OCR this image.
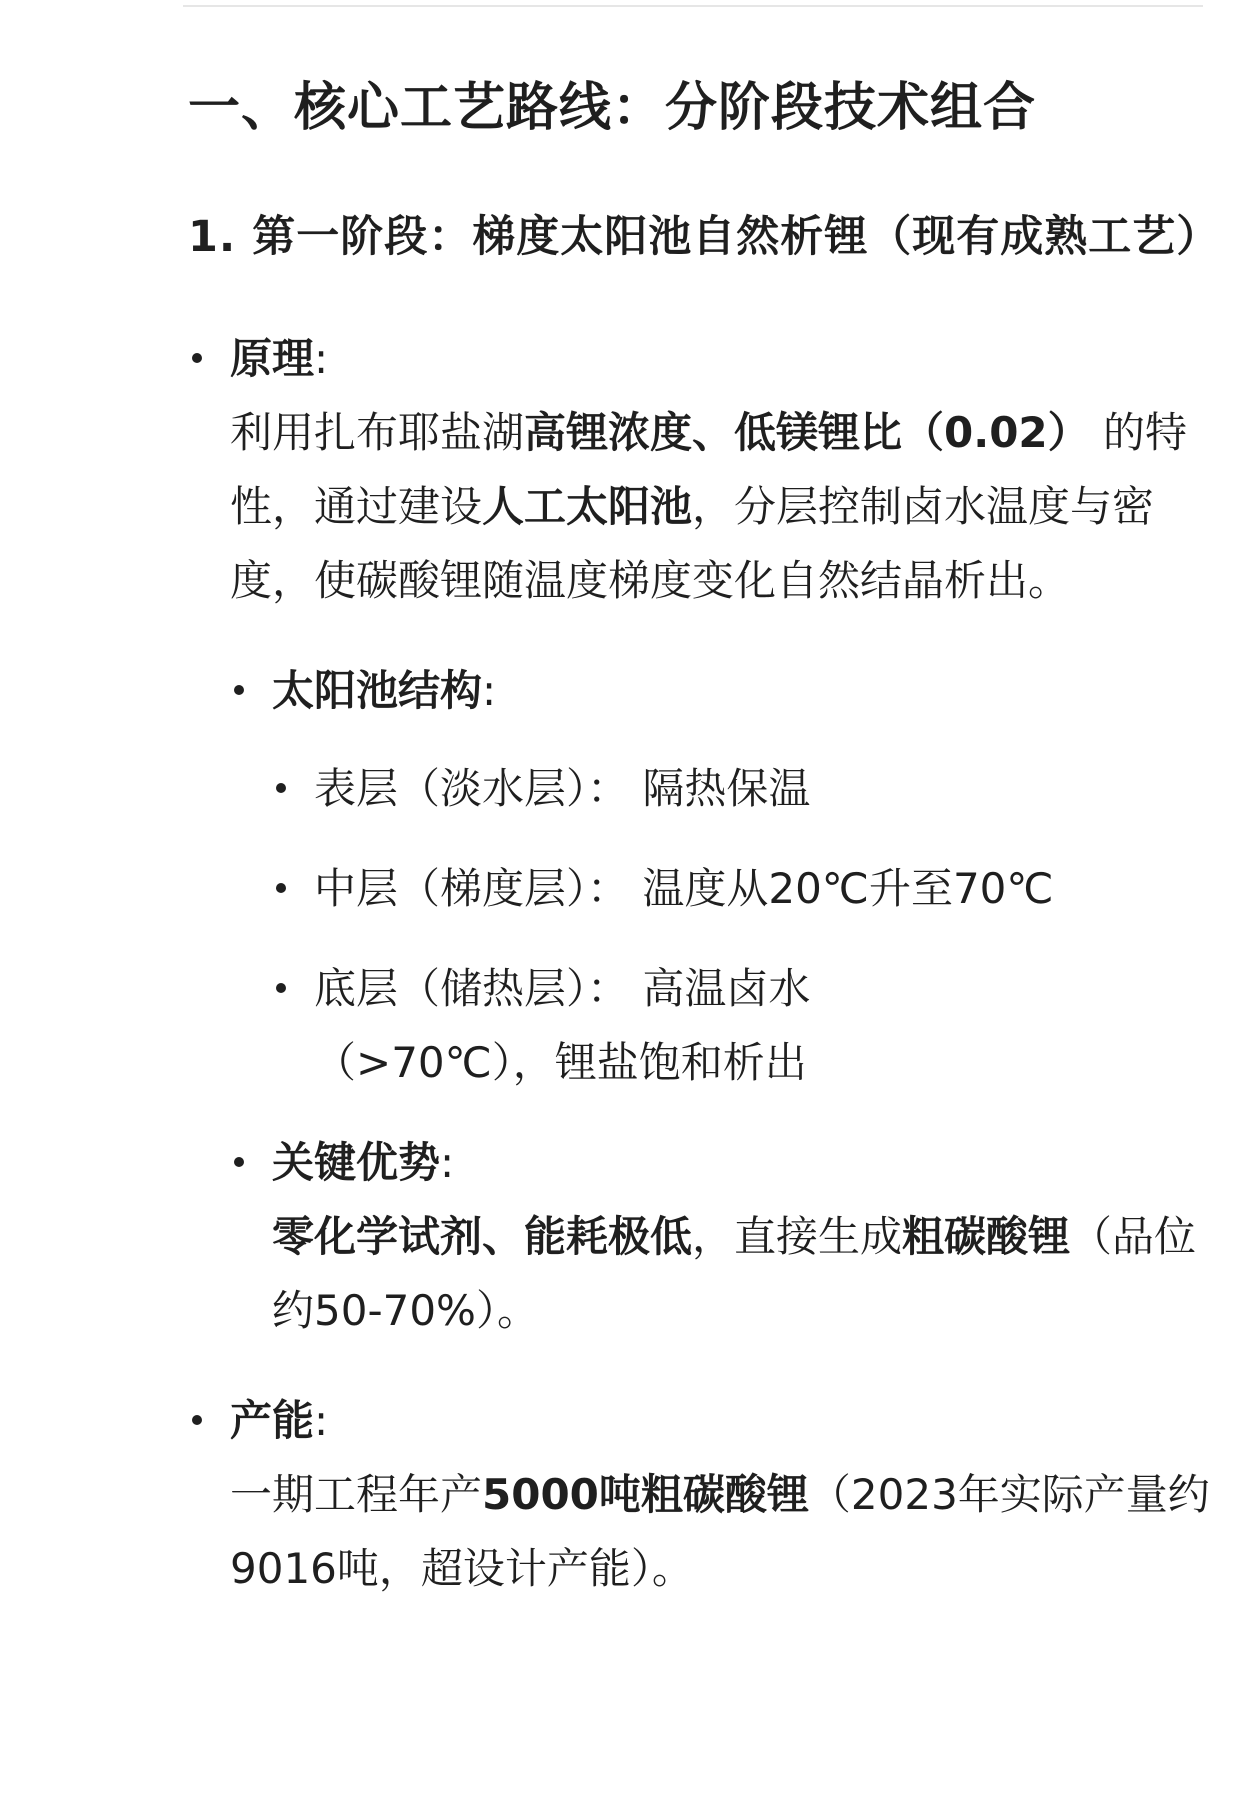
一、核心工艺路线：分阶段技术组合
1. 第一阶段：梯度太阳池自然析锂（现有成熟工艺）
原理:
利用扎布耶盐湖高锂浓度、低镁锂比（0.02） 的特性，通过建设人工太阳池，分层控制卤水温度与密度，使碳酸锂随温度梯度变化自然结晶析出。
太阳池结构:
表层（淡水层）： 隔热保温
中层（梯度层）： 温度从20℃升至70℃
底层（储热层）： 高温卤水（>70℃），锂盐饱和析出
关键优势:
零化学试剂、能耗极低，直接生成粗碳酸锂（品位约50-70%）。
产能:
一期工程年产5000吨粗碳酸锂（2023年实际产量约9016吨，超设计产能）。
